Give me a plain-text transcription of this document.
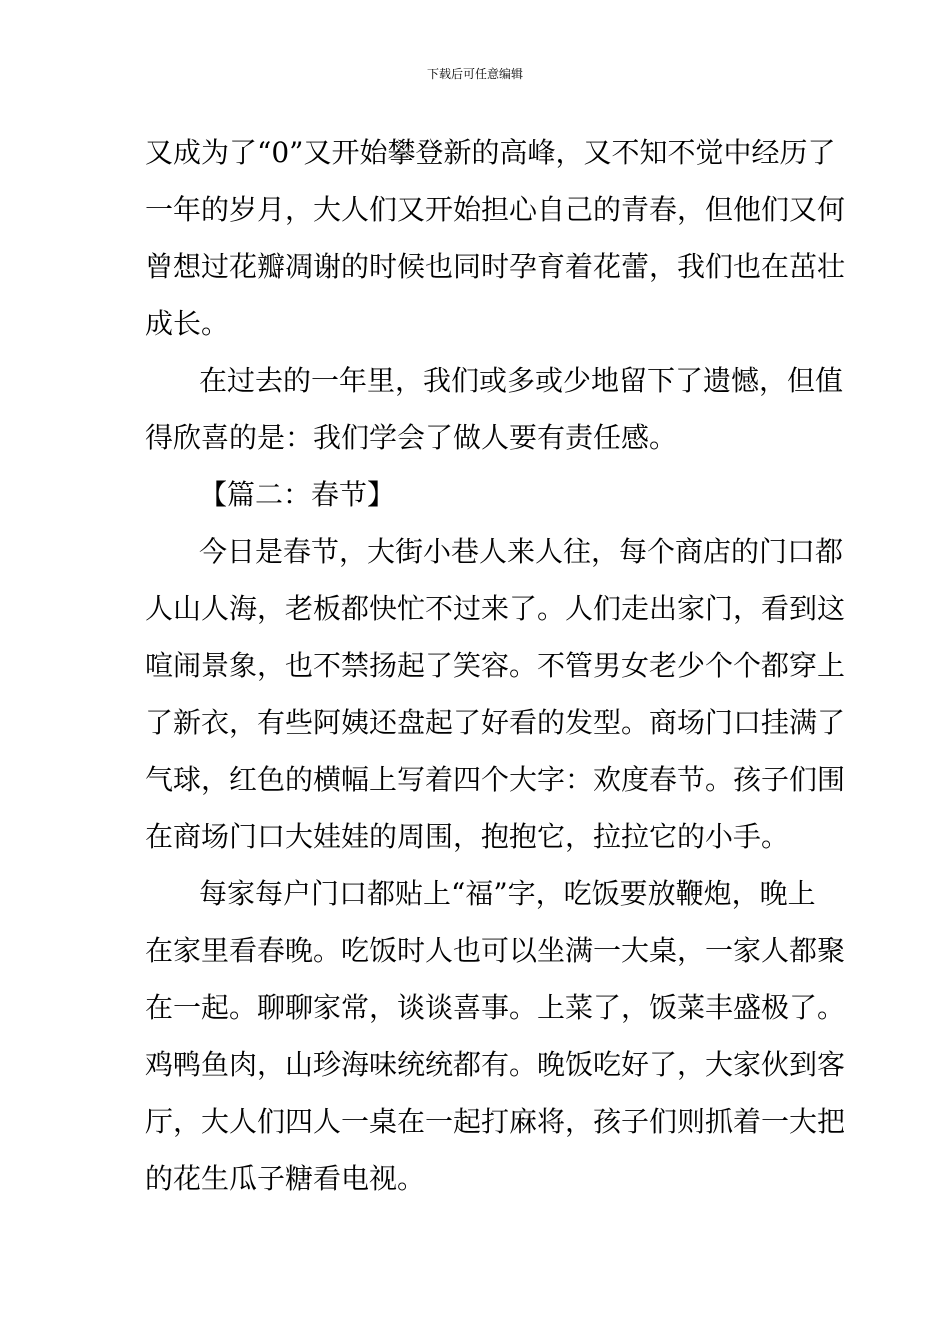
下载后可任意编辑
又成为了“0”又开始攀登新的高峰，又不知不觉中经历了
一年的岁月，大人们又开始担心自己的青春，但他们又何
曾想过花瓣凋谢的时候也同时孕育着花蕾，我们也在茁壮
成长。
在过去的一年里，我们或多或少地留下了遗憾，但值
得欣喜的是：我们学会了做人要有责任感。
【篇二：春节】
今日是春节，大街小巷人来人往，每个商店的门口都
人山人海，老板都快忙不过来了。人们走出家门，看到这
喧闹景象，也不禁扬起了笑容。不管男女老少个个都穿上
了新衣，有些阿姨还盘起了好看的发型。商场门口挂满了
气球，红色的横幅上写着四个大字：欢度春节。孩子们围
在商场门口大娃娃的周围，抱抱它，拉拉它的小手。
每家每户门口都贴上“福”字，吃饭要放鞭炮，晚上
在家里看春晚。吃饭时人也可以坐满一大桌，一家人都聚
在一起。聊聊家常，谈谈喜事。上菜了，饭菜丰盛极了。
鸡鸭鱼肉，山珍海味统统都有。晚饭吃好了，大家伙到客
厅，大人们四人一桌在一起打麻将，孩子们则抓着一大把
的花生瓜子糖看电视。
